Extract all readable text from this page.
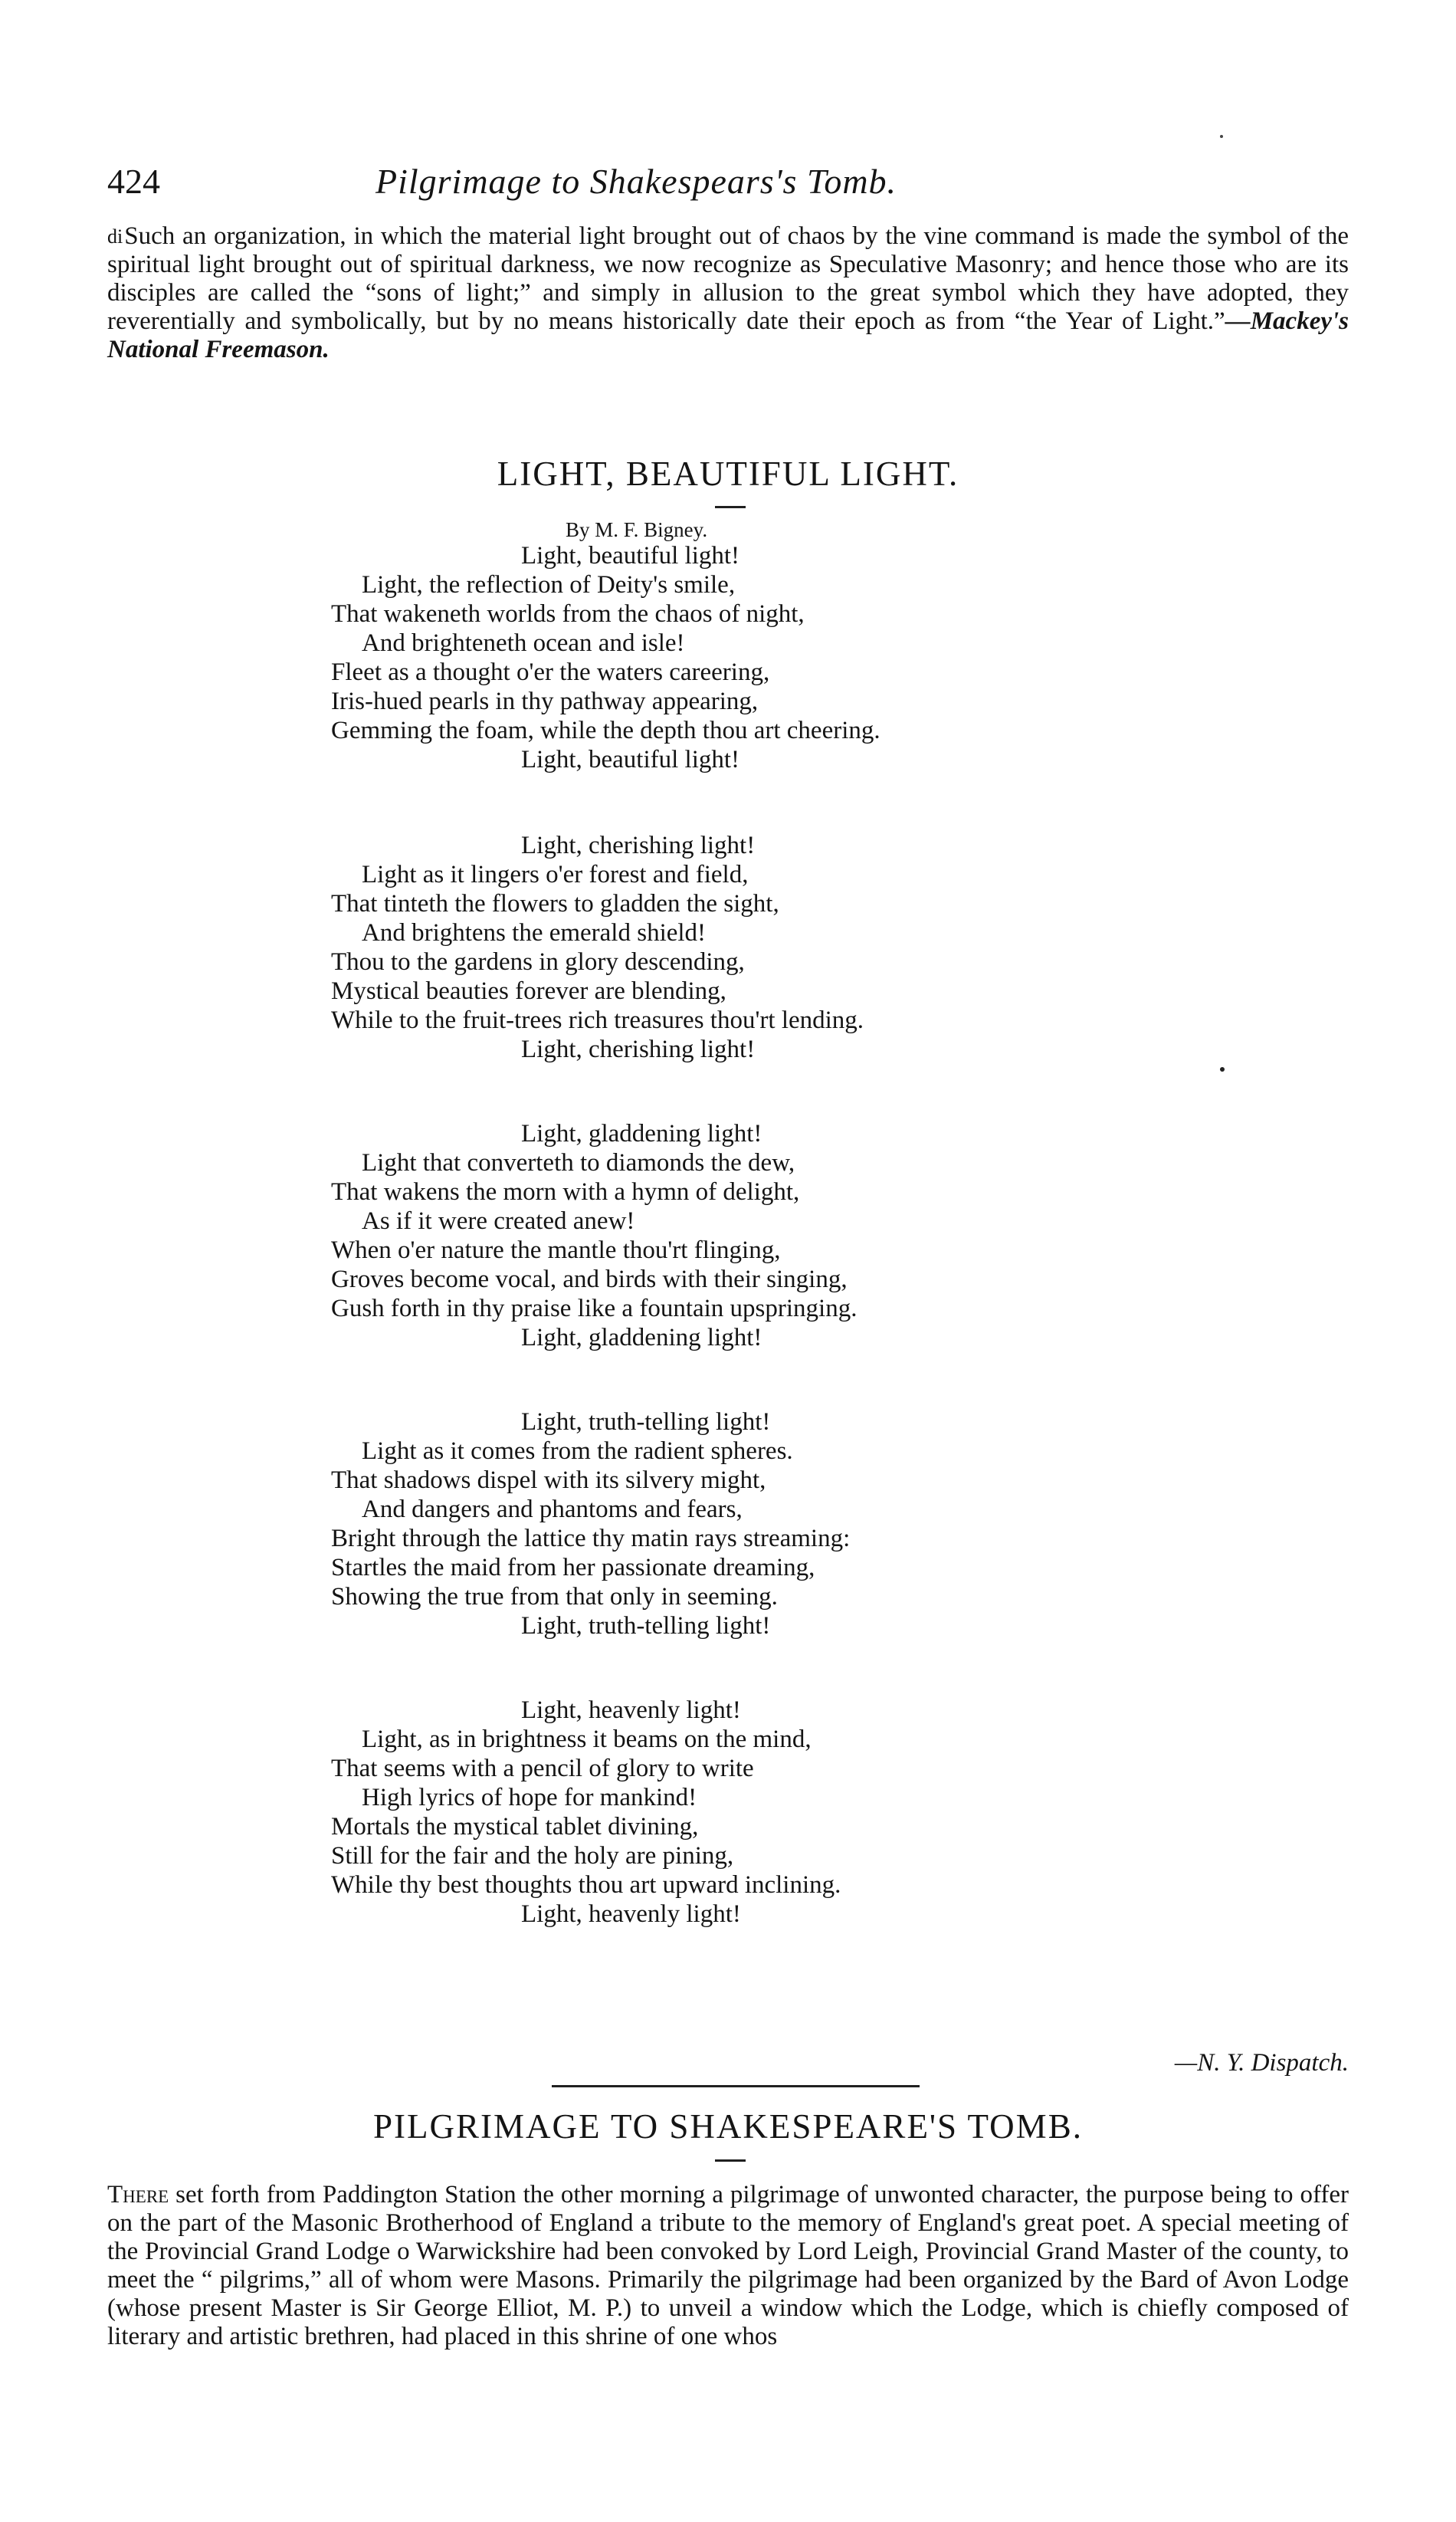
424	Pilgrimage to Shakespears's Tomb.
$^{di}$Such an organization, in which the material light brought out of chaos by the vine command is made the symbol of the spiritual light brought out of spiritual darkness, we now recognize as Speculative Masonry; and hence those who are its disciples are called the “sons of light;” and simply in allusion to the great symbol which they have adopted, they reverentially and symbolically, but by no means historically date their epoch as from “the Year of Light.”—Mackey's National Freemason.
LIGHT, BEAUTIFUL LIGHT.
By M. F. Bigney.
Light, beautiful light!
Light, the reflection of Deity's smile,
That wakeneth worlds from the chaos of night,
And brighteneth ocean and isle!
Fleet as a thought o'er the waters careering,
Iris-hued pearls in thy pathway appearing,
Gemming the foam, while the depth thou art cheering.
Light, beautiful light!
Light, cherishing light!
Light as it lingers o'er forest and field,
That tinteth the flowers to gladden the sight,
And brightens the emerald shield!
Thou to the gardens in glory descending,
Mystical beauties forever are blending,
While to the fruit-trees rich treasures thou'rt lending.
Light, cherishing light!
Light, gladdening light!
Light that converteth to diamonds the dew,
That wakens the morn with a hymn of delight,
As if it were created anew!
When o'er nature the mantle thou'rt flinging,
Groves become vocal, and birds with their singing,
Gush forth in thy praise like a fountain upspringing.
Light, gladdening light!
Light, truth-telling light!
Light as it comes from the radient spheres.
That shadows dispel with its silvery might,
And dangers and phantoms and fears,
Bright through the lattice thy matin rays streaming:
Startles the maid from her passionate dreaming,
Showing the true from that only in seeming.
Light, truth-telling light!
Light, heavenly light!
Light, as in brightness it beams on the mind,
That seems with a pencil of glory to write
High lyrics of hope for mankind!
Mortals the mystical tablet divining,
Still for the fair and the holy are pining,
While thy best thoughts thou art upward inclining.
Light, heavenly light!
—N. Y. Dispatch.
PILGRIMAGE TO SHAKESPEARE'S TOMB.
There set forth from Paddington Station the other morning a pilgrimage of unwonted character, the purpose being to offer on the part of the Masonic Brotherhood of England a tribute to the memory of England's great poet. A special meeting of the Provincial Grand Lodge o Warwickshire had been convoked by Lord Leigh, Provincial Grand Master of the county, to meet the “ pilgrims,” all of whom were Masons. Primarily the pilgrimage had been organized by the Bard of Avon Lodge (whose present Master is Sir George Elliot, M. P.) to unveil a window which the Lodge, which is chiefly composed of literary and artistic brethren, had placed in this shrine of one whos
